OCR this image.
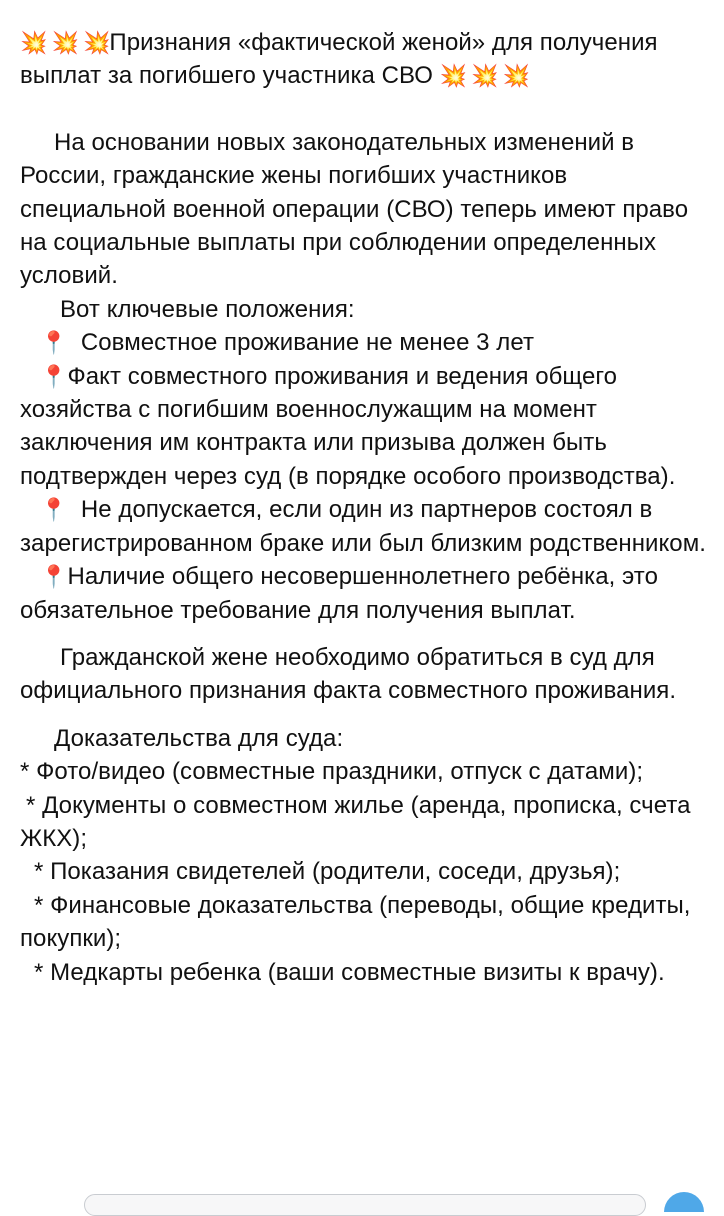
💥 💥 💥Признания «фактической женой» для получения выплат за погибшего участника СВО 💥 💥 💥

На основании новых законодательных изменений в России, гражданские жены погибших участников специальной военной операции (СВО) теперь имеют право на социальные выплаты при соблюдении определенных условий.

Вот ключевые положения:

📍 Совместное проживание не менее 3 лет

📍Факт совместного проживания и ведения общего хозяйства с погибшим военнослужащим на момент заключения им контракта или призыва должен быть подтвержден через суд (в порядке особого производства).

📍 Не допускается, если один из партнеров состоял в зарегистрированном браке или был близким родственником.

📍Наличие общего несовершеннолетнего ребёнка, это обязательное требование для получения выплат.

Гражданской жене необходимо обратиться в суд для официального признания факта совместного проживания.

Доказательства для суда:

* Фото/видео (совместные праздники, отпуск с датами);

* Документы о совместном жилье (аренда, прописка, счета ЖКХ);

* Показания свидетелей (родители, соседи, друзья);

* Финансовые доказательства (переводы, общие кредиты, покупки);

* Медкарты ребенка (ваши совместные визиты к врачу).
